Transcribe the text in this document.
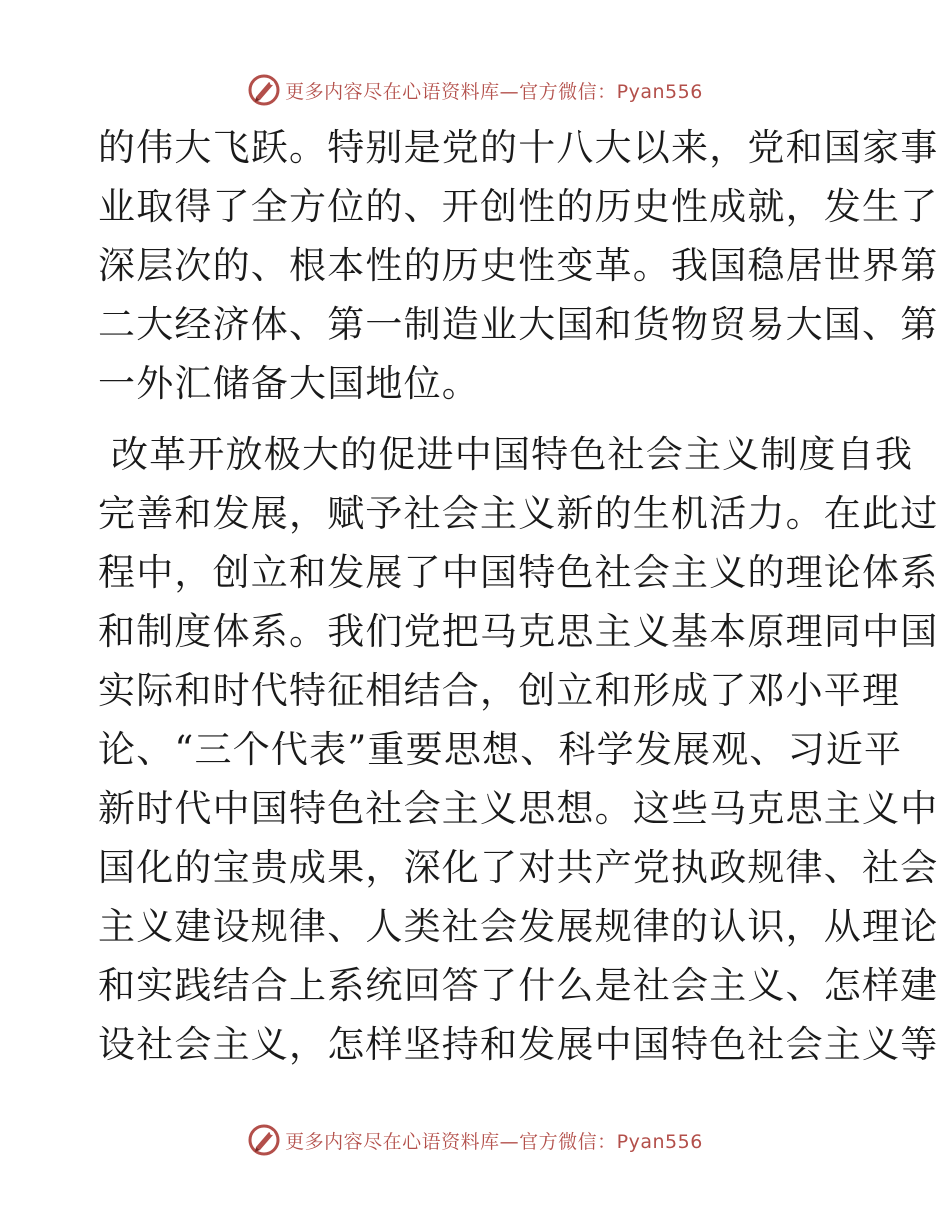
更多内容尽在心语资料库—官方微信：Pyan556

的伟大飞跃。特别是党的十八大以来，党和国家事
业取得了全方位的、开创性的历史性成就，发生了
深层次的、根本性的历史性变革。我国稳居世界第
二大经济体、第一制造业大国和货物贸易大国、第
一外汇储备大国地位。

改革开放极大的促进中国特色社会主义制度自我
完善和发展，赋予社会主义新的生机活力。在此过
程中，创立和发展了中国特色社会主义的理论体系
和制度体系。我们党把马克思主义基本原理同中国
实际和时代特征相结合，创立和形成了邓小平理
论、“三个代表”重要思想、科学发展观、习近平
新时代中国特色社会主义思想。这些马克思主义中
国化的宝贵成果，深化了对共产党执政规律、社会
主义建设规律、人类社会发展规律的认识，从理论
和实践结合上系统回答了什么是社会主义、怎样建
设社会主义，怎样坚持和发展中国特色社会主义等

更多内容尽在心语资料库—官方微信：Pyan556
